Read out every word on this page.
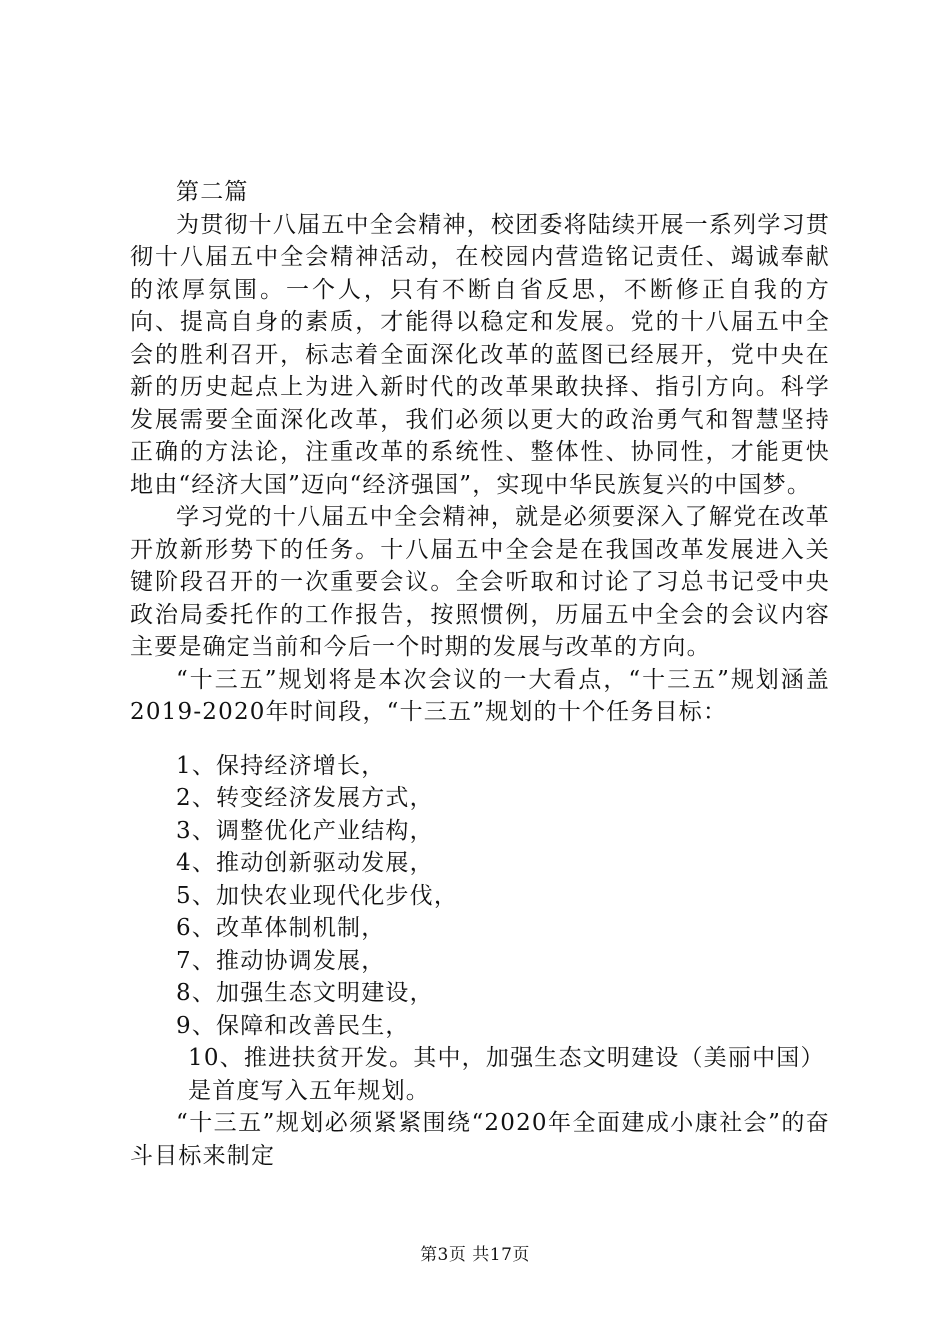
第二篇

为贯彻十八届五中全会精神，校团委将陆续开展一系列学习贯彻十八届五中全会精神活动，在校园内营造铭记责任、竭诚奉献的浓厚氛围。一个人，只有不断自省反思，不断修正自我的方向、提高自身的素质，才能得以稳定和发展。党的十八届五中全会的胜利召开，标志着全面深化改革的蓝图已经展开，党中央在新的历史起点上为进入新时代的改革果敢抉择、指引方向。科学发展需要全面深化改革，我们必须以更大的政治勇气和智慧坚持正确的方法论，注重改革的系统性、整体性、协同性，才能更快地由“经济大国”迈向“经济强国”，实现中华民族复兴的中国梦。

学习党的十八届五中全会精神，就是必须要深入了解党在改革开放新形势下的任务。十八届五中全会是在我国改革发展进入关键阶段召开的一次重要会议。全会听取和讨论了习总书记受中央政治局委托作的工作报告，按照惯例，历届五中全会的会议内容主要是确定当前和今后一个时期的发展与改革的方向。

“十三五”规划将是本次会议的一大看点，“十三五”规划涵盖2019-2020年时间段，“十三五”规划的十个任务目标：

1、保持经济增长，
2、转变经济发展方式，
3、调整优化产业结构，
4、推动创新驱动发展，
5、加快农业现代化步伐，
6、改革体制机制，
7、推动协调发展，
8、加强生态文明建设，
9、保障和改善民生，
10、推进扶贫开发。其中，加强生态文明建设（美丽中国）是首度写入五年规划。

“十三五”规划必须紧紧围绕“2020年全面建成小康社会”的奋斗目标来制定

第3页 共17页
